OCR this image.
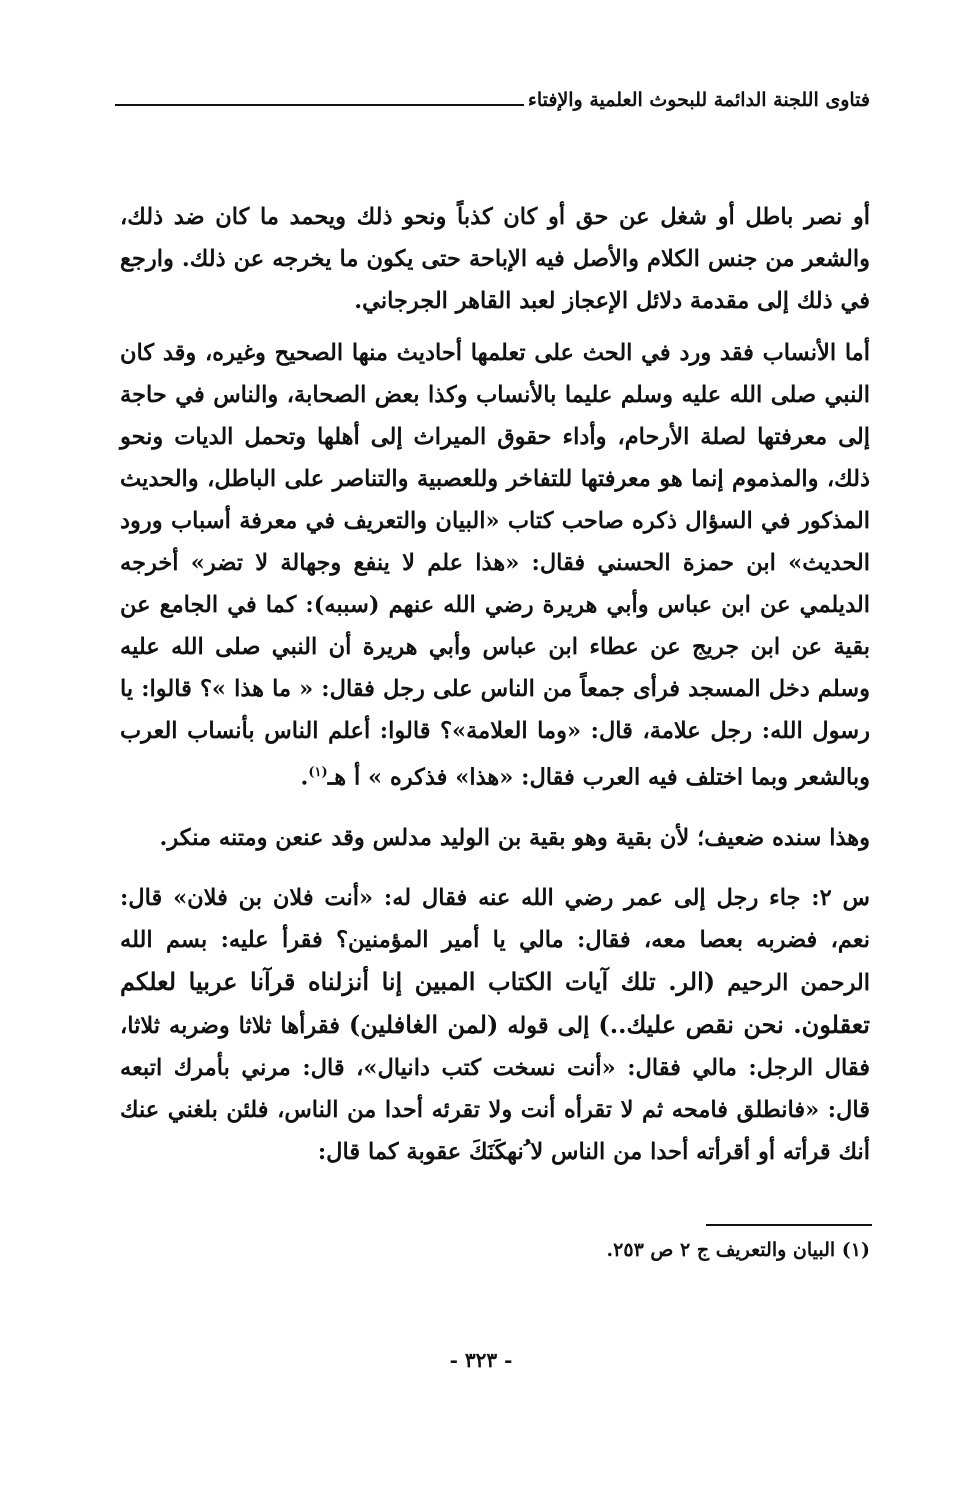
فتاوى اللجنة الدائمة للبحوث العلمية والإفتاء

أو نصر باطل أو شغل عن حق أو كان كذباً ونحو ذلك ويحمد ما كان ضد ذلك، والشعر من جنس الكلام والأصل فيه الإباحة حتى يكون ما يخرجه عن ذلك. وارجع في ذلك إلى مقدمة دلائل الإعجاز لعبد القاهر الجرجاني.

أما الأنساب فقد ورد في الحث على تعلمها أحاديث منها الصحيح وغيره، وقد كان النبي صلى الله عليه وسلم عليما بالأنساب وكذا بعض الصحابة، والناس في حاجة إلى معرفتها لصلة الأرحام، وأداء حقوق الميراث إلى أهلها وتحمل الديات ونحو ذلك، والمذموم إنما هو معرفتها للتفاخر وللعصبية والتناصر على الباطل، والحديث المذكور في السؤال ذكره صاحب كتاب «البيان والتعريف في معرفة أسباب ورود الحديث» ابن حمزة الحسني فقال: «هذا علم لا ينفع وجهالة لا تضر» أخرجه الديلمي عن ابن عباس وأبي هريرة رضي الله عنهم (سببه): كما في الجامع عن بقية عن ابن جريج عن عطاء ابن عباس وأبي هريرة أن النبي صلى الله عليه وسلم دخل المسجد فرأى جمعاً من الناس على رجل فقال: « ما هذا »؟ قالوا: يا رسول الله: رجل علامة، قال: «وما العلامة»؟ قالوا: أعلم الناس بأنساب العرب وبالشعر وبما اختلف فيه العرب فقال: «هذا» فذكره » أ هـ$^{(١)}$.

وهذا سنده ضعيف؛ لأن بقية وهو بقية بن الوليد مدلس وقد عنعن ومتنه منكر.

س ٢: جاء رجل إلى عمر رضي الله عنه فقال له: «أنت فلان بن فلان» قال: نعم، فضربه بعصا معه، فقال: مالي يا أمير المؤمنين؟ فقرأ عليه: بسم الله الرحمن الرحيم (الر. تلك آيات الكتاب المبين إنا أنزلناه قرآنا عربيا لعلكم تعقلون. نحن نقص عليك..) إلى قوله (لمن الغافلين) فقرأها ثلاثا وضربه ثلاثا، فقال الرجل: مالي فقال: «أنت نسخت كتب دانيال»، قال: مرني بأمرك اتبعه قال: «فانطلق فامحه ثم لا تقرأه أنت ولا تقرئه أحدا من الناس، فلئن بلغني عنك أنك قرأته أو أقرأته أحدا من الناس لا ُنهكَنَكَ عقوبة كما قال:

(١) البيان والتعريف ج ٢ ص ٢٥٣.
- ٣٢٣ -
